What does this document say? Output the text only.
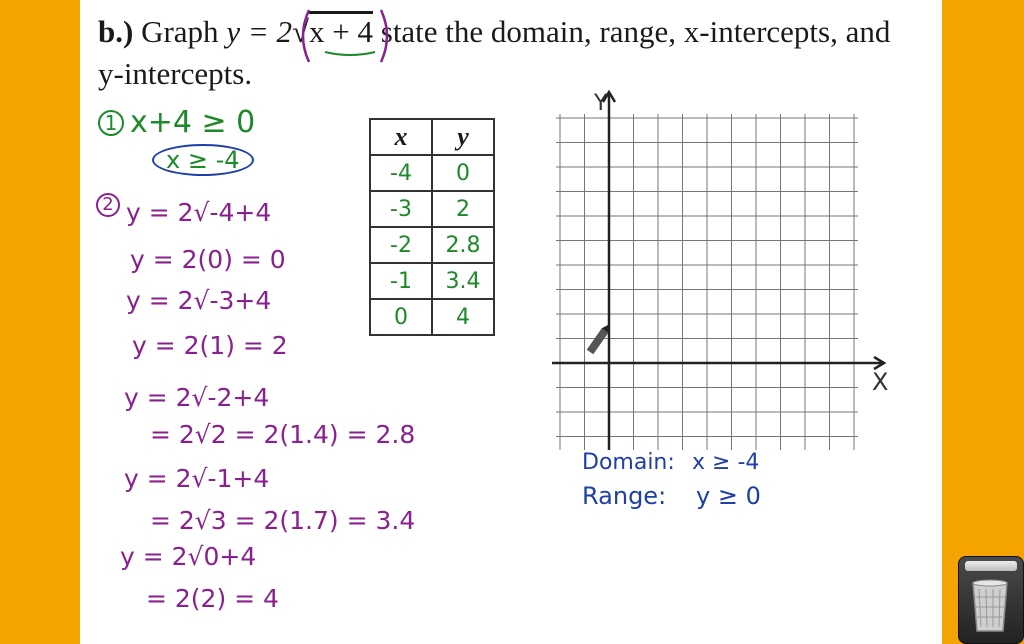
b.) Graph y = 2√x + 4 state the domain, range, x-intercepts, and
y-intercepts.
1 x+4 ≥ 0
x ≥ -4
2 y = 2√-4+4
y = 2(0) = 0
y = 2√-3+4
y = 2(1) = 2
y = 2√-2+4
= 2√2 = 2(1.4) = 2.8
y = 2√-1+4
= 2√3 = 2(1.7) = 3.4
y = 2√0+4
= 2(2) = 4
x	y
-4	0
-3	2
-2	2.8
-1	3.4
0	4
Y
X
Domain: x ≥ -4
Range: y ≥ 0
